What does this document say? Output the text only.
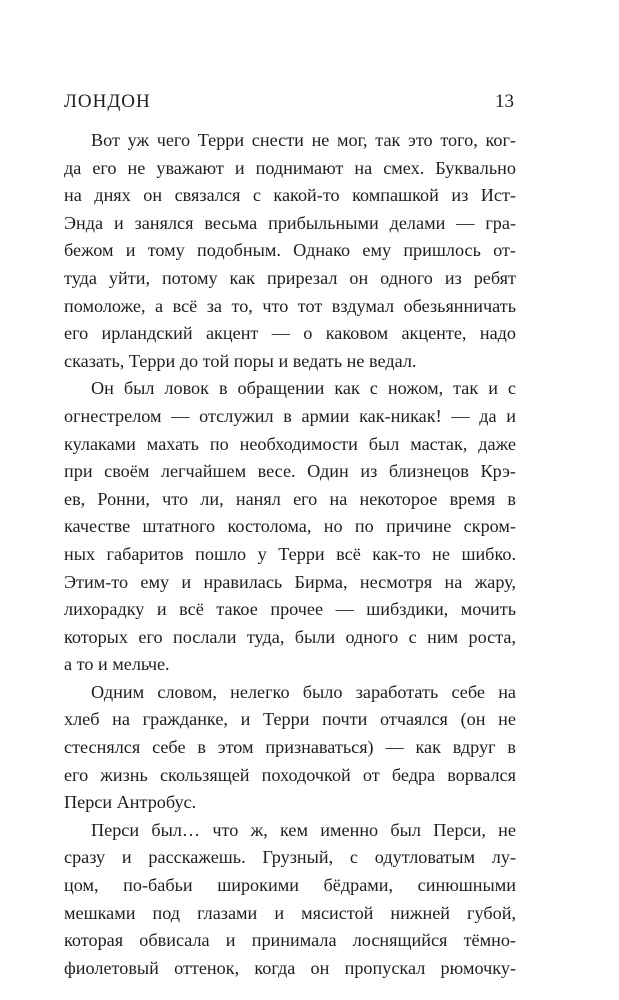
ЛОНДОН	13
Вот уж чего Терри снести не мог, так это того, ког-
да его не уважают и поднимают на смех. Буквально
на днях он связался с какой-то компашкой из Ист-
Энда и занялся весьма прибыльными делами — гра-
бежом и тому подобным. Однако ему пришлось от-
туда уйти, потому как прирезал он одного из ребят
помоложе, а всё за то, что тот вздумал обезьянничать
его ирландский акцент — о каковом акценте, надо
сказать, Терри до той поры и ведать не ведал.
Он был ловок в обращении как с ножом, так и с
огнестрелом — отслужил в армии как-никак! — да и
кулаками махать по необходимости был мастак, даже
при своём легчайшем весе. Один из близнецов Крэ-
ев, Ронни, что ли, нанял его на некоторое время в
качестве штатного костолома, но по причине скром-
ных габаритов пошло у Терри всё как-то не шибко.
Этим-то ему и нравилась Бирма, несмотря на жару,
лихорадку и всё такое прочее — шибздики, мочить
которых его послали туда, были одного с ним роста,
а то и мельче.
Одним словом, нелегко было заработать себе на
хлеб на гражданке, и Терри почти отчаялся (он не
стеснялся себе в этом признаваться) — как вдруг в
его жизнь скользящей походочкой от бедра ворвался
Перси Антробус.
Перси был… что ж, кем именно был Перси, не
сразу и расскажешь. Грузный, с одутловатым лу-
цом, по-бабьи широкими бёдрами, синюшными
мешками под глазами и мясистой нижней губой,
которая обвисала и принимала лоснящийся тёмно-
фиолетовый оттенок, когда он пропускал рюмочку-
